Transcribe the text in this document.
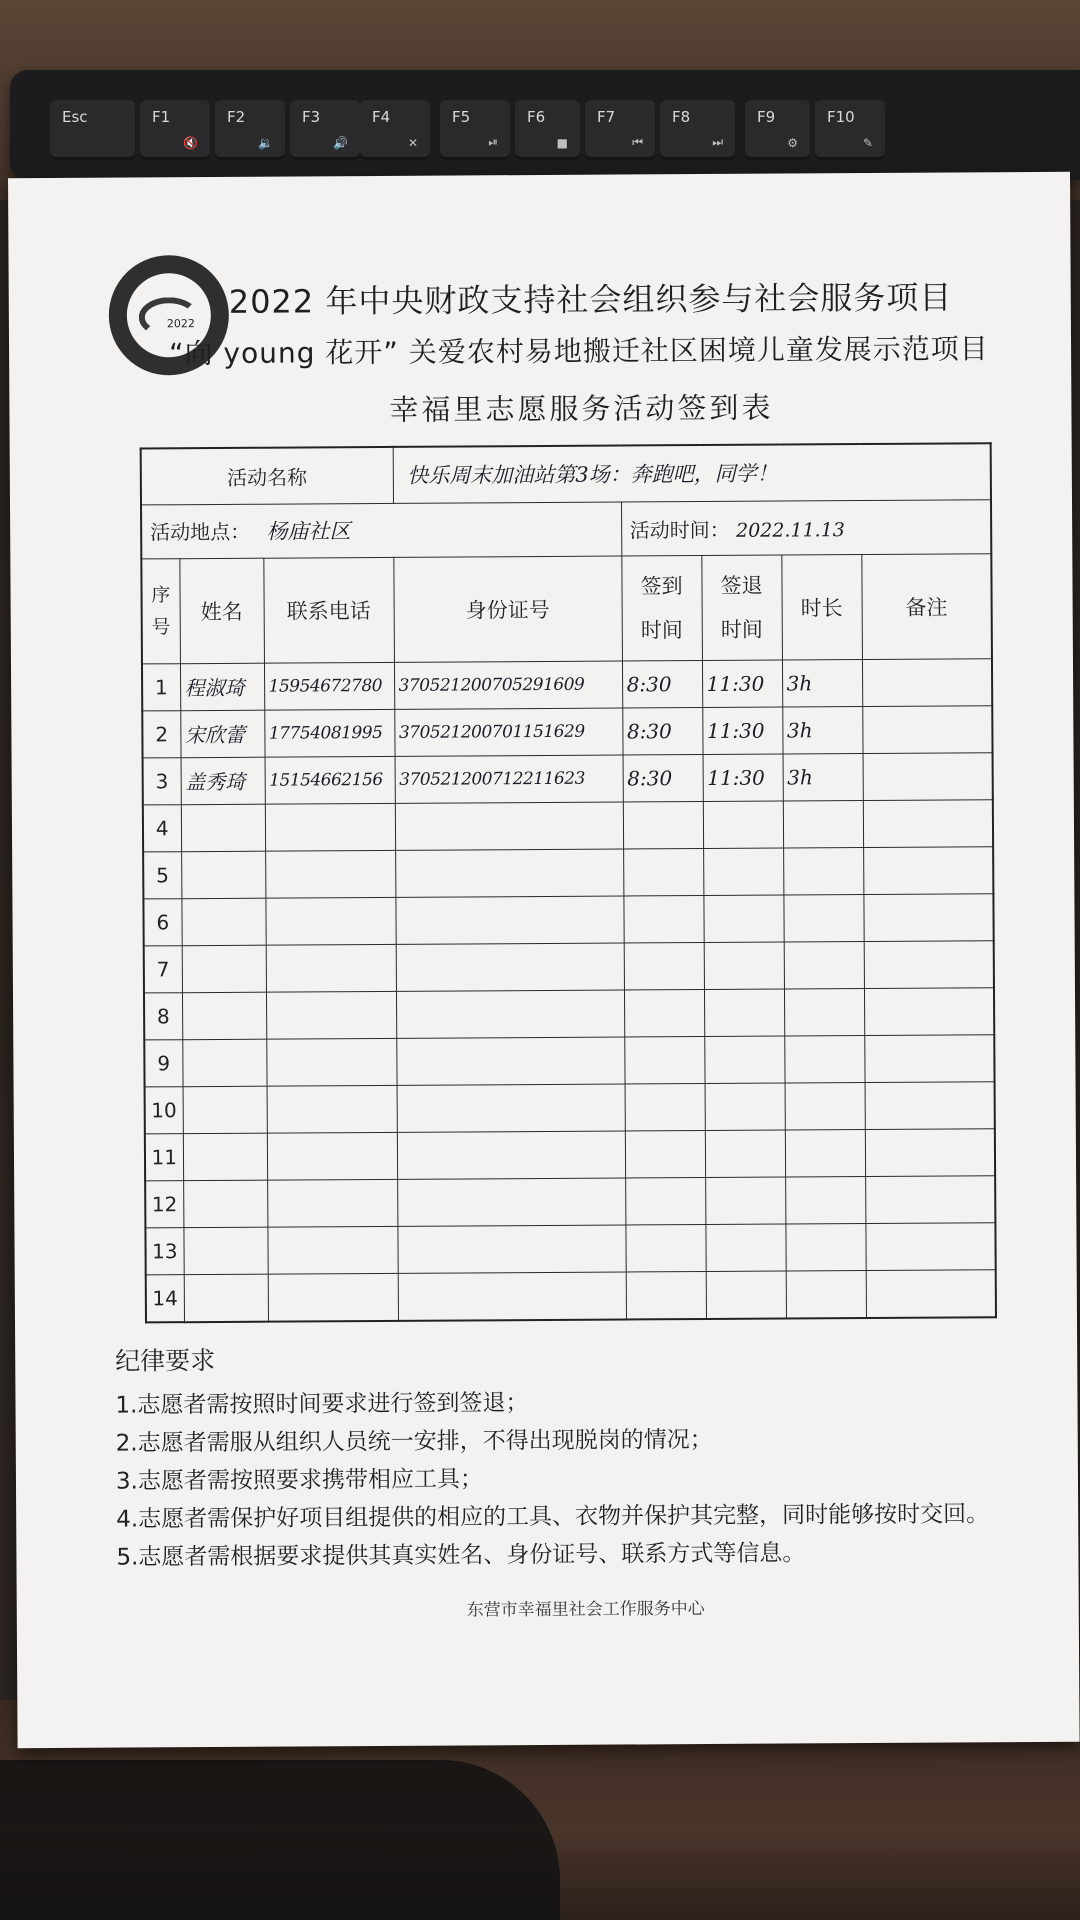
Esc	F1
🔇
F2
🔉
F3
🔊
F4
✕
F5
⏯
F6
■
F7
⏮
F8
⏭
F9
⚙
F10
✎
2022
2022 年中央财政支持社会组织参与社会服务项目
“向 young 花开” 关爱农村易地搬迁社区困境儿童发展示范项目
幸福里志愿服务活动签到表
活动名称			快乐周末加油站第3场：奔跑吧，同学！				
活动地点： 杨庙社区				活动时间： 2022.11.13			
序号	姓名	联系电话	身份证号	签到时间	签退时间	时长	备注
1	程淑琦	15954672780	370521200705291609	8:30	11:30	3h	
2	宋欣蕾	17754081995	370521200701151629	8:30	11:30	3h	
3	盖秀琦	15154662156	370521200712211623	8:30	11:30	3h	
4							
5							
6							
7							
8							
9							
10							
11							
12							
13							
14							
纪律要求
1.志愿者需按照时间要求进行签到签退；
2.志愿者需服从组织人员统一安排，不得出现脱岗的情况；
3.志愿者需按照要求携带相应工具；
4.志愿者需保护好项目组提供的相应的工具、衣物并保护其完整，同时能够按时交回。
5.志愿者需根据要求提供其真实姓名、身份证号、联系方式等信息。
东营市幸福里社会工作服务中心
